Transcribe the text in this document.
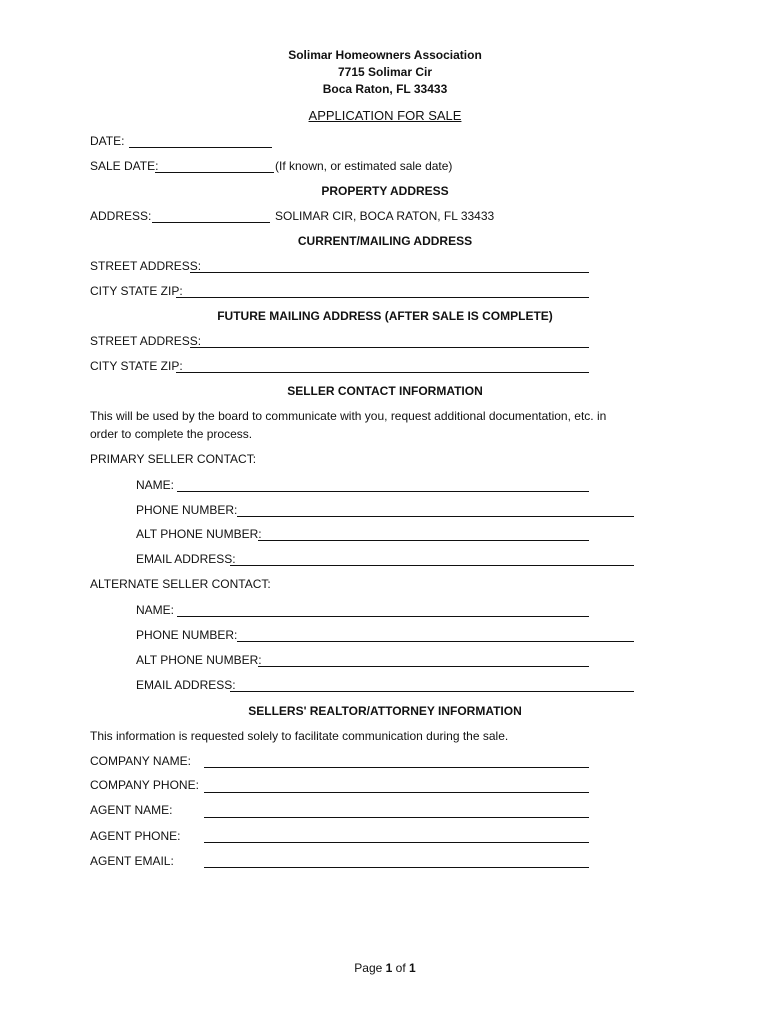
Solimar Homeowners Association
7715 Solimar Cir
Boca Raton, FL 33433
APPLICATION FOR SALE
DATE:
SALE DATE:	(If known, or estimated sale date)
PROPERTY ADDRESS
ADDRESS:	SOLIMAR CIR, BOCA RATON, FL 33433
CURRENT/MAILING ADDRESS
STREET ADDRESS:
CITY STATE ZIP:
FUTURE MAILING ADDRESS (AFTER SALE IS COMPLETE)
STREET ADDRESS:
CITY STATE ZIP:
SELLER CONTACT INFORMATION
This will be used by the board to communicate with you, request additional documentation, etc. in
order to complete the process.
PRIMARY SELLER CONTACT:
NAME:
PHONE NUMBER:
ALT PHONE NUMBER:
EMAIL ADDRESS:
ALTERNATE SELLER CONTACT:
NAME:
PHONE NUMBER:
ALT PHONE NUMBER:
EMAIL ADDRESS:
SELLERS' REALTOR/ATTORNEY INFORMATION
This information is requested solely to facilitate communication during the sale.
COMPANY NAME:
COMPANY PHONE:
AGENT NAME:
AGENT PHONE:
AGENT EMAIL:
Page 1 of 1
